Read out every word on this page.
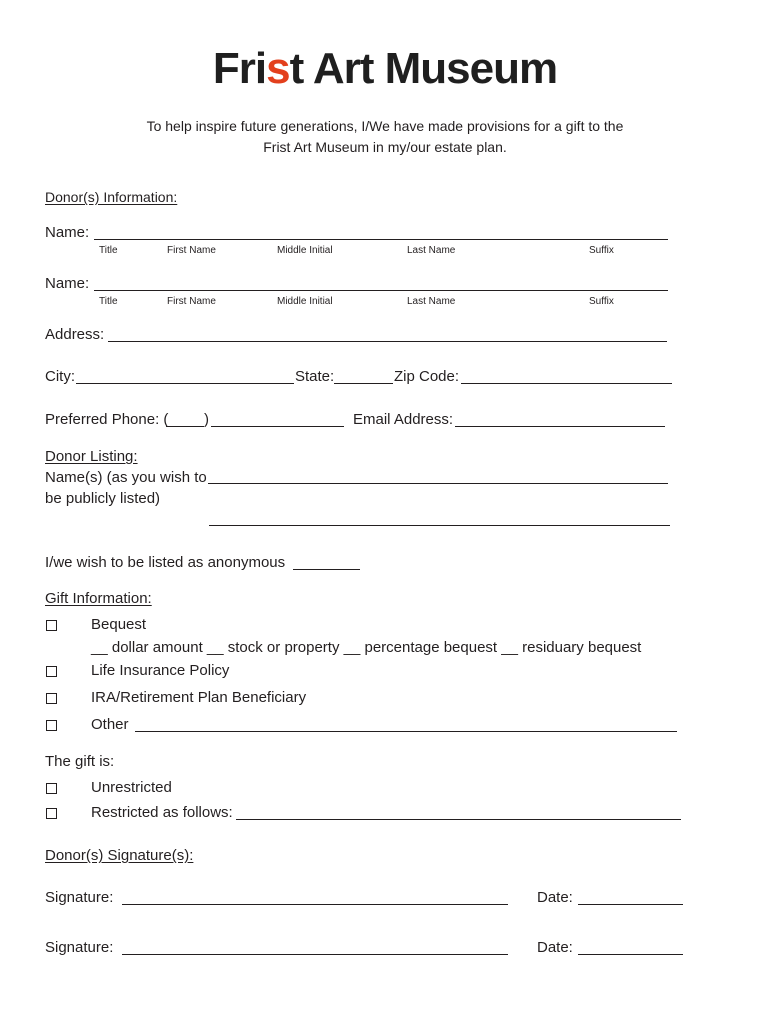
Frist Art Museum
To help inspire future generations, I/We have made provisions for a gift to the
Frist Art Museum in my/our estate plan.
Donor(s) Information:
Name:
Title	First Name	Middle Initial	Last Name	Suffix
Name:
Title	First Name	Middle Initial	Last Name	Suffix
Address:
City:	State:	Zip Code:
Preferred Phone: ( )	Email Address:
Donor Listing:
Name(s) (as you wish to
be publicly listed)
I/we wish to be listed as anonymous
Gift Information:
Bequest
__ dollar amount __ stock or property __ percentage bequest __ residuary bequest
Life Insurance Policy
IRA/Retirement Plan Beneficiary
Other
The gift is:
Unrestricted
Restricted as follows:
Donor(s) Signature(s):
Signature:	Date:
Signature:	Date:
